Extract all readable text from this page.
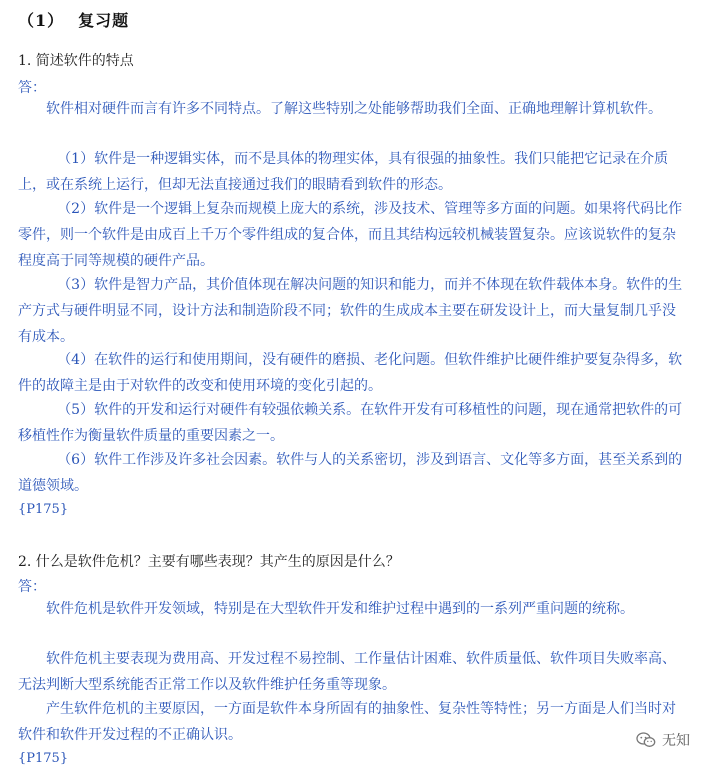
（1） 复习题
1. 简述软件的特点
答：

软件相对硬件而言有许多不同特点。了解这些特别之处能够帮助我们全面、正确地理解计算机软件。

（1）软件是一种逻辑实体，而不是具体的物理实体，具有很强的抽象性。我们只能把它记录在介质上，或在系统上运行，但却无法直接通过我们的眼睛看到软件的形态。

（2）软件是一个逻辑上复杂而规模上庞大的系统，涉及技术、管理等多方面的问题。如果将代码比作零件，则一个软件是由成百上千万个零件组成的复合体，而且其结构远较机械装置复杂。应该说软件的复杂程度高于同等规模的硬件产品。

（3）软件是智力产品，其价值体现在解决问题的知识和能力，而并不体现在软件载体本身。软件的生产方式与硬件明显不同，设计方法和制造阶段不同；软件的生成成本主要在研发设计上，而大量复制几乎没有成本。

（4）在软件的运行和使用期间，没有硬件的磨损、老化问题。但软件维护比硬件维护要复杂得多，软件的故障主是由于对软件的改变和使用环境的变化引起的。

（5）软件的开发和运行对硬件有较强依赖关系。在软件开发有可移植性的问题，现在通常把软件的可移植性作为衡量软件质量的重要因素之一。

（6）软件工作涉及许多社会因素。软件与人的关系密切，涉及到语言、文化等多方面，甚至关系到的道德领域。

{P175}
2. 什么是软件危机？主要有哪些表现？其产生的原因是什么？
答：

软件危机是软件开发领域，特别是在大型软件开发和维护过程中遇到的一系列严重问题的统称。

软件危机主要表现为费用高、开发过程不易控制、工作量估计困难、软件质量低、软件项目失败率高、无法判断大型系统能否正常工作以及软件维护任务重等现象。

产生软件危机的主要原因，一方面是软件本身所固有的抽象性、复杂性等特性；另一方面是人们当时对软件和软件开发过程的不正确认识。

{P175}
无知
